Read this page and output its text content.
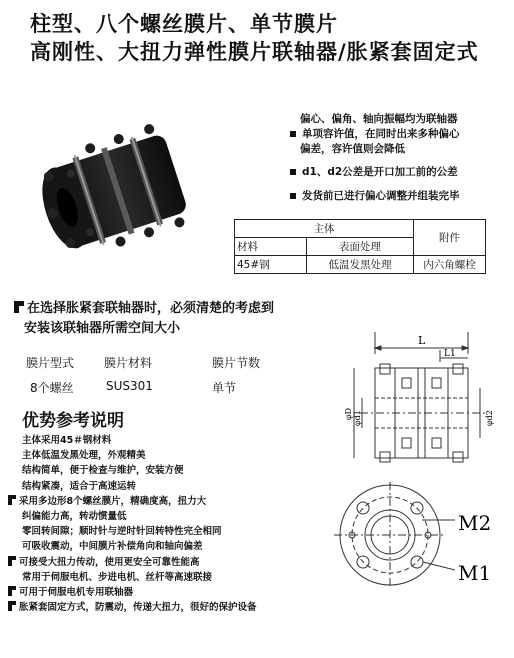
柱型、八个螺丝膜片、单节膜片
高刚性、大扭力弹性膜片联轴器/胀紧套固定式
偏心、偏角、轴向振幅均为联轴器
单项容许值，在同时出来多种偏心
偏差，容许值则会降低
d1、d2公差是开口加工前的公差
发货前已进行偏心调整并组装完毕
主体		附件
材料	表面处理	
45#钢	低温发黑处理	内六角螺栓
在选择胀紧套联轴器时，必须清楚的考虑到
安装该联轴器所需空间大小
膜片型式 膜片材料	膜片节数
8个螺丝	SUS301	单节
优势参考说明
主体采用45＃钢材料
主体低温发黑处理，外观精美
结构简单，便于检查与维护，安装方便
结构紧凑，适合于高速运转
采用多边形8个螺丝膜片，精确度高，扭力大
纠偏能力高，转动惯量低
零回转间隙；顺时针与逆时针回转特性完全相同
可吸收震动，中间膜片补偿角向和轴向偏差
可接受大扭力传动，使用更安全可靠性能高
常用于伺服电机、步进电机、丝杆等高速联接
可用于伺服电机专用联轴器
胀紧套固定方式，防震动，传递大扭力，很好的保护设备
L
L1
φD φd1	φd2
M2
M1
